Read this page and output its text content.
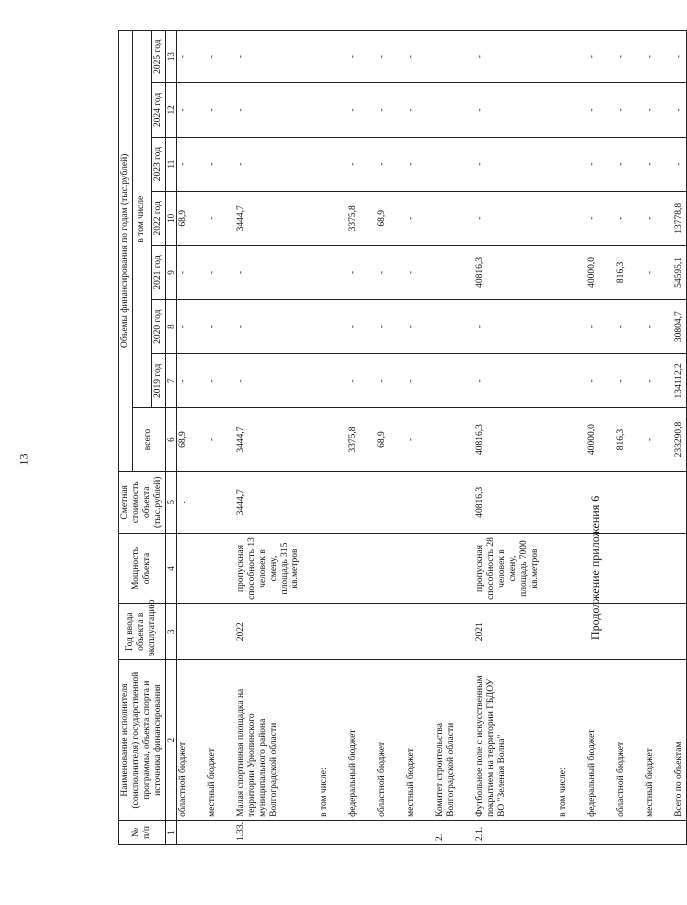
13
Продолжение приложения 6
№ п/п	Наименование исполнителя (соисполнителя) государственной программы, объекта спорта и источника финансирования	Год ввода объекта в эксплуатацию	Мощность объекта	Сметная стоимость объекта (тыс.рублей)	Объемы финансирования по годам (тыс.рублей)							
					всего	в том числе						
						2019 год	2020 год	2021 год	2022 год	2023 год	2024 год	2025 год
1	2	3	4	5	6	7	8	9	10	11	12	13
	областной бюджет			.	68,9	-	-	-	68,9	-	-	-

	местный бюджет				-	-	-	-	-	-	-	-

1.33.	Малая спортивная площадка на территории Урюпинского муниципального района Волгоградской области	2022	пропускная способность 13 человек в смену, площадь 315 кв.метров	3444,7	3444,7	-	-	-	3444,7	-	-	-

	в том числе:											

	федеральный бюджет				3375,8	-	-	-	3375,8	-	-	-

	областной бюджет				68,9	-	-	-	68,9	-	-	-

	местный бюджет				-	-	-	-	-	-	-	-

2.	Комитет строительства Волгоградской области											

2.1.	Футбольное поле с искусственным покрытием на территории ГБДОУ ВО "Зеленая Волна"	2021	пропускная способность 28 человек в смену, площадь 7000 кв.метров	40816,3	40816,3	-	-	40816,3	-	-	-	-

	в том числе:											

	федеральный бюджет				40000,0	-	-	40000,0	-	-	-	-

	областной бюджет				816,3	-	-	816,3	-	-	-	-

	местный бюджет				-	-	-	-	-	-	-	-

	Всего по объектам				233290,8	134112,2	30804,7	54595,1	13778,8	-	-	-
